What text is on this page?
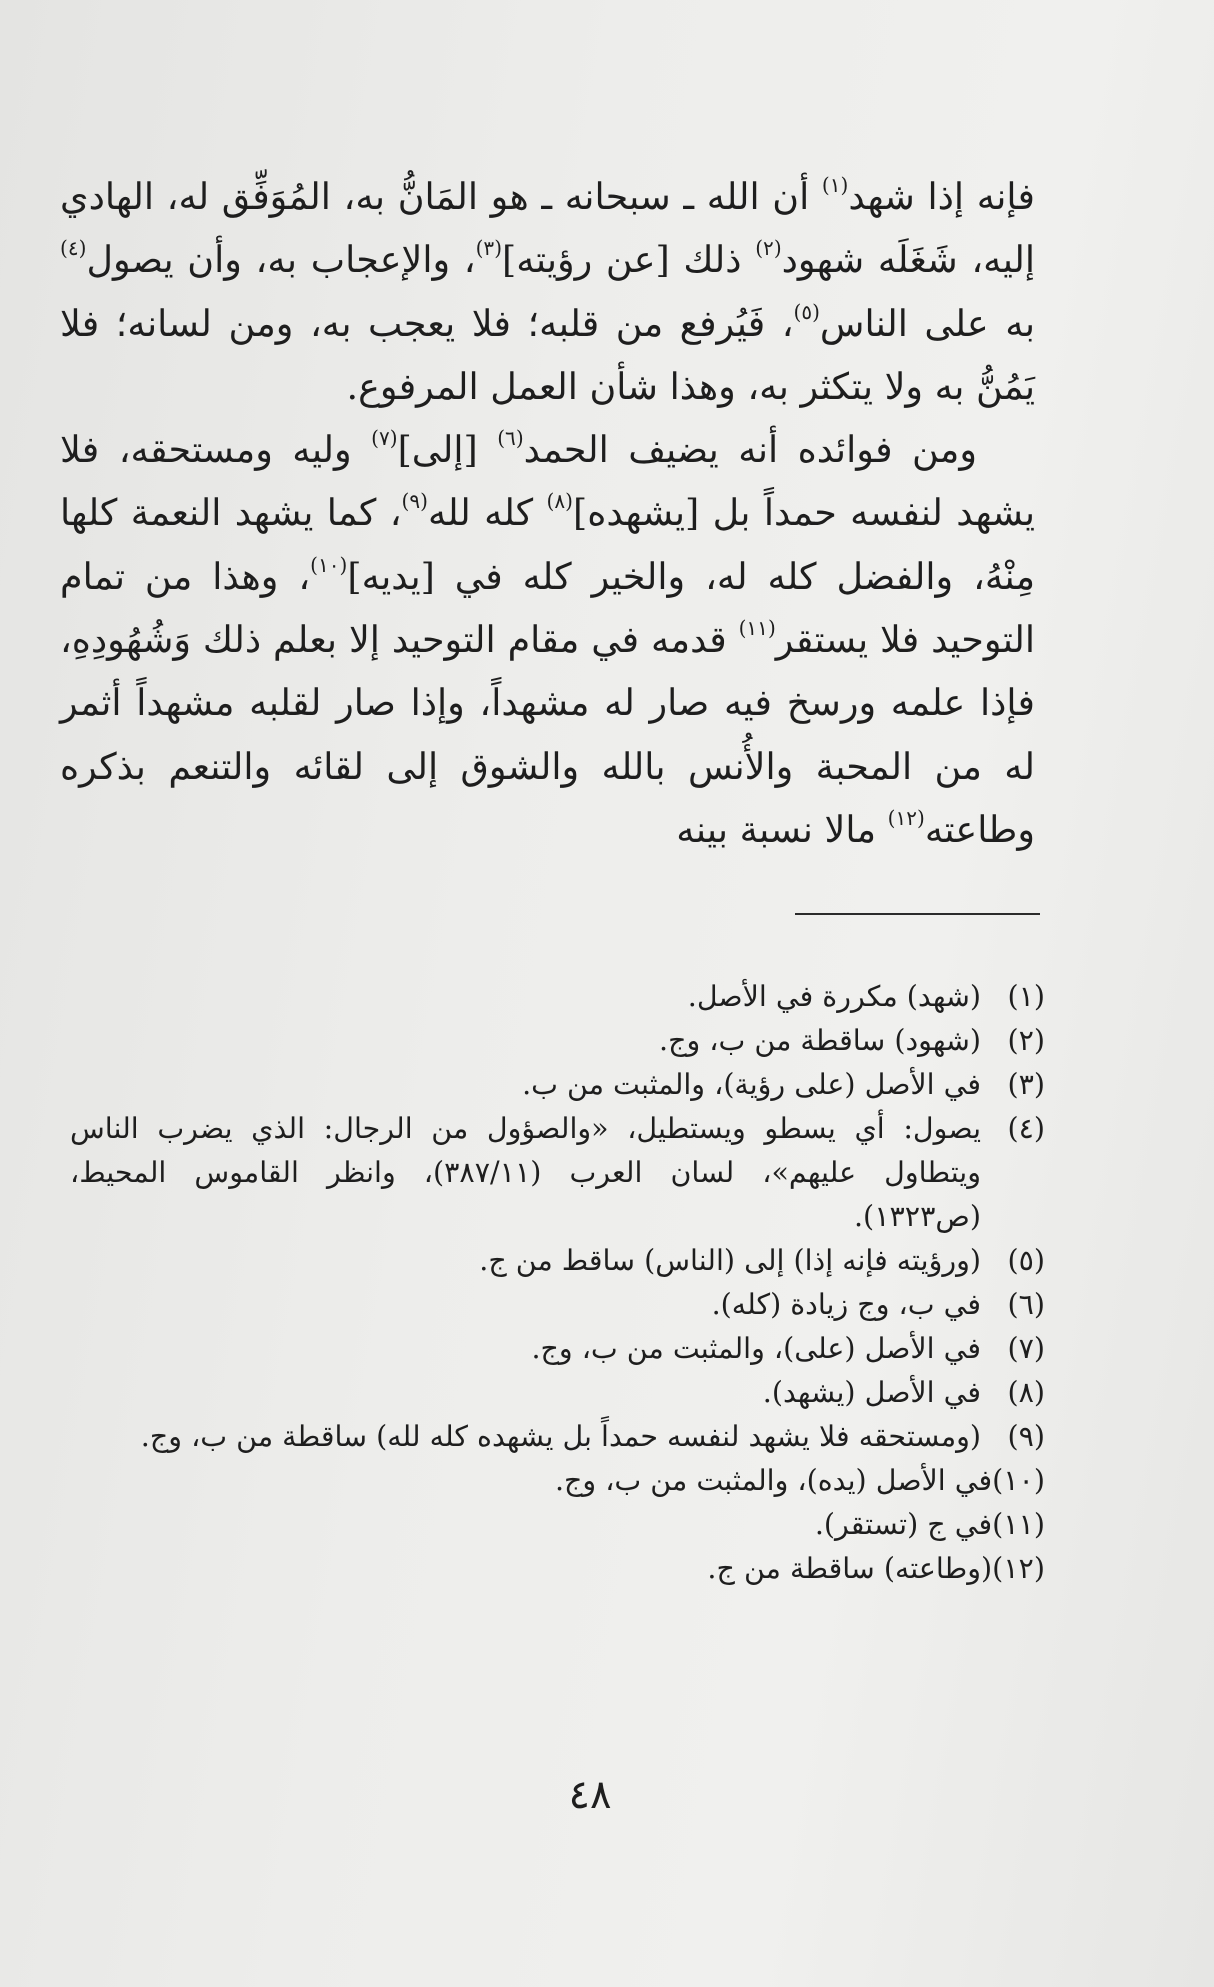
فإنه إذا شهد$^{(١)}$ أن الله ـ سبحانه ـ هو المَانُّ به، المُوَفِّق له، الهادي إليه، شَغَلَه شهود$^{(٢)}$ ذلك [عن رؤيته]$^{(٣)}$، والإعجاب به، وأن يصول$^{(٤)}$ به على الناس$^{(٥)}$، فَيُرفع من قلبه؛ فلا يعجب به، ومن لسانه؛ فلا يَمُنُّ به ولا يتكثر به، وهذا شأن العمل المرفوع.

ومن فوائده أنه يضيف الحمد$^{(٦)}$ [إلى]$^{(٧)}$ وليه ومستحقه، فلا يشهد لنفسه حمداً بل [يشهده]$^{(٨)}$ كله لله$^{(٩)}$، كما يشهد النعمة كلها مِنْهُ، والفضل كله له، والخير كله في [يديه]$^{(١٠)}$، وهذا من تمام التوحيد فلا يستقر$^{(١١)}$ قدمه في مقام التوحيد إلا بعلم ذلك وَشُهُودِهِ، فإذا علمه ورسخ فيه صار له مشهداً، وإذا صار لقلبه مشهداً أثمر له من المحبة والأُنس بالله والشوق إلى لقائه والتنعم بذكره وطاعته$^{(١٢)}$ مالا نسبة بينه

(١)
(شهد) مكررة في الأصل.
(٢)
(شهود) ساقطة من ب، وج.
(٣)
في الأصل (على رؤية)، والمثبت من ب.
(٤)
يصول: أي يسطو ويستطيل، «والصؤول من الرجال: الذي يضرب الناس ويتطاول عليهم»، لسان العرب (٣٨٧/١١)، وانظر القاموس المحيط، (ص١٣٢٣).
(٥)
(ورؤيته فإنه إذا) إلى (الناس) ساقط من ج.
(٦)
في ب، وج زيادة (كله).
(٧)
في الأصل (على)، والمثبت من ب، وج.
(٨)
في الأصل (يشهد).
(٩)
(ومستحقه فلا يشهد لنفسه حمداً بل يشهده كله لله) ساقطة من ب، وج.
(١٠)
في الأصل (يده)، والمثبت من ب، وج.
(١١)
في ج (تستقر).
(١٢)
(وطاعته) ساقطة من ج.
٤٨
